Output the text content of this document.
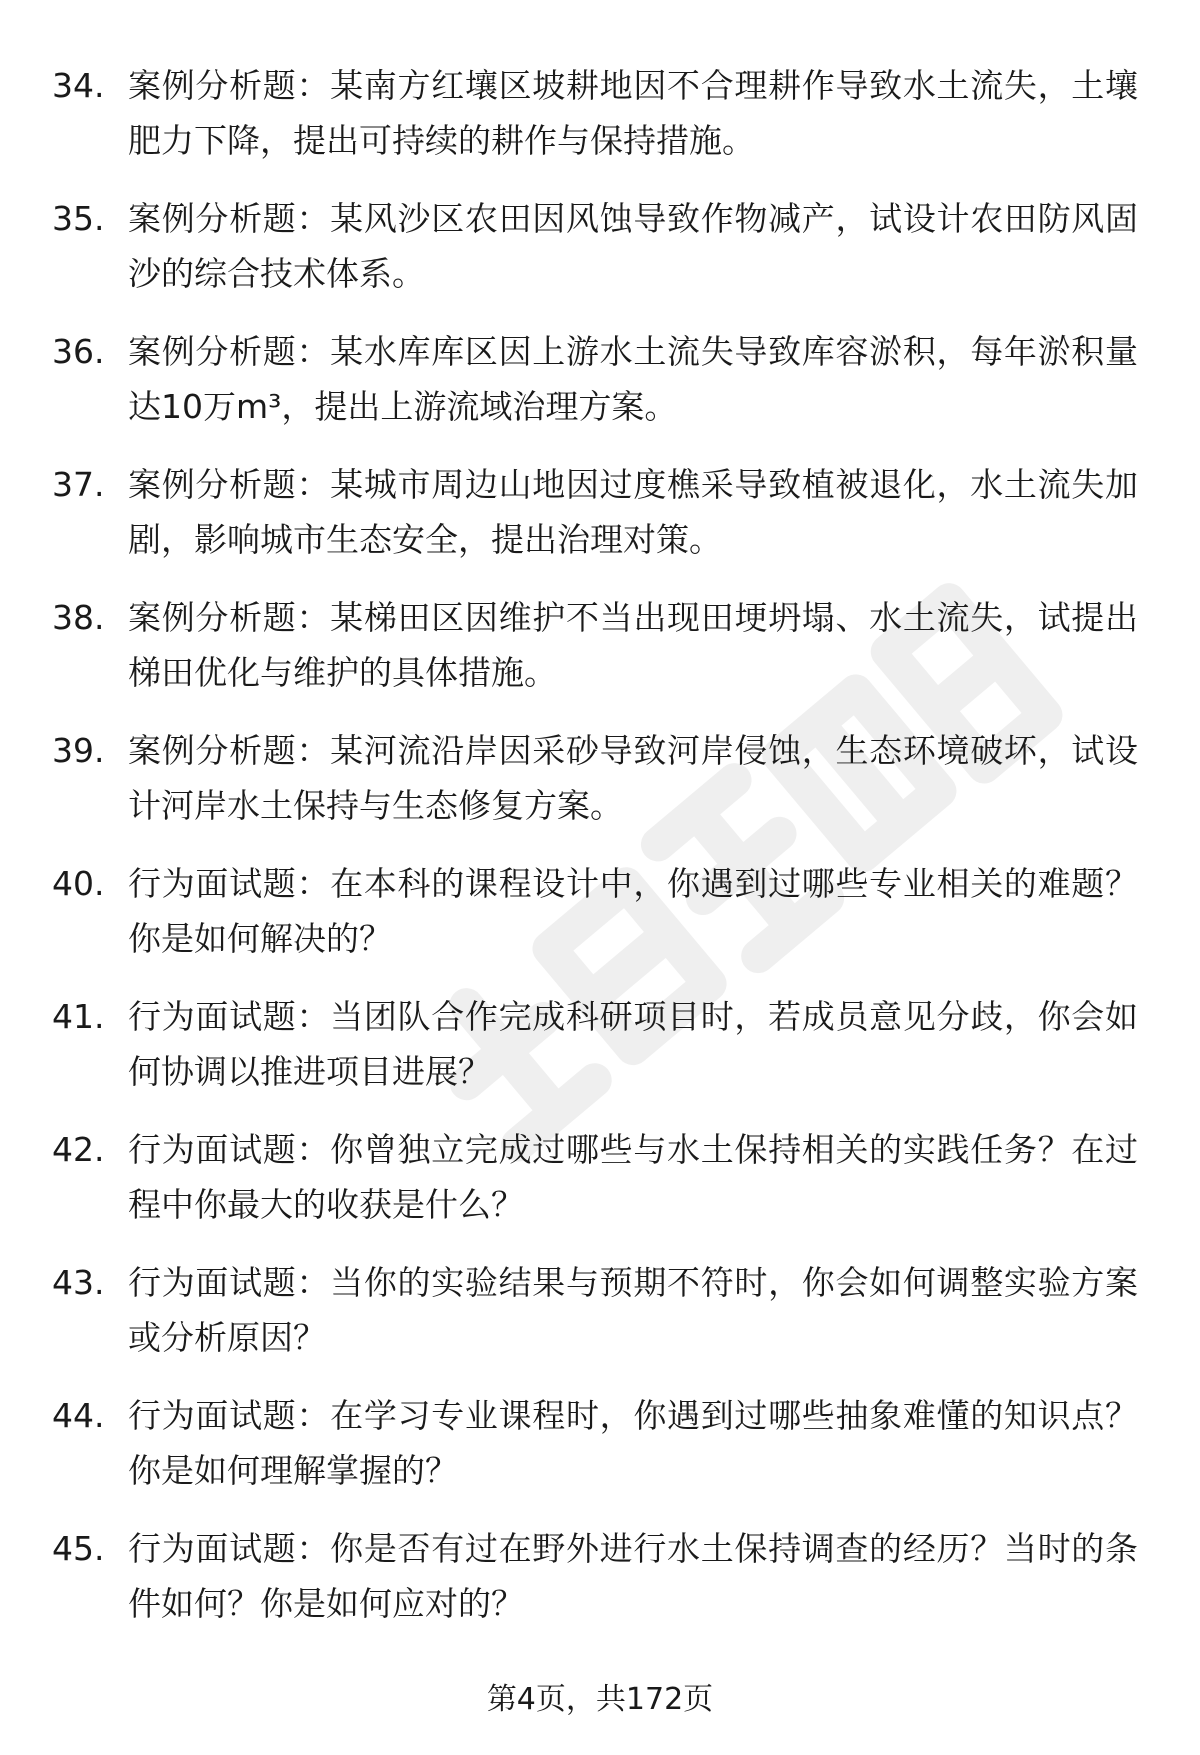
34. 案例分析题：某南方红壤区坡耕地因不合理耕作导致水土流失，土壤肥力下降，提出可持续的耕作与保持措施。
35. 案例分析题：某风沙区农田因风蚀导致作物减产，试设计农田防风固沙的综合技术体系。
36. 案例分析题：某水库库区因上游水土流失导致库容淤积，每年淤积量达10万m³，提出上游流域治理方案。
37. 案例分析题：某城市周边山地因过度樵采导致植被退化，水土流失加剧，影响城市生态安全，提出治理对策。
38. 案例分析题：某梯田区因维护不当出现田埂坍塌、水土流失，试提出梯田优化与维护的具体措施。
39. 案例分析题：某河流沿岸因采砂导致河岸侵蚀，生态环境破坏，试设计河岸水土保持与生态修复方案。
40. 行为面试题：在本科的课程设计中，你遇到过哪些专业相关的难题？你是如何解决的？
41. 行为面试题：当团队合作完成科研项目时，若成员意见分歧，你会如何协调以推进项目进展？
42. 行为面试题：你曾独立完成过哪些与水土保持相关的实践任务？在过程中你最大的收获是什么？
43. 行为面试题：当你的实验结果与预期不符时，你会如何调整实验方案或分析原因？
44. 行为面试题：在学习专业课程时，你遇到过哪些抽象难懂的知识点？你是如何理解掌握的？
45. 行为面试题：你是否有过在野外进行水土保持调查的经历？当时的条件如何？你是如何应对的？
第4页，共172页
